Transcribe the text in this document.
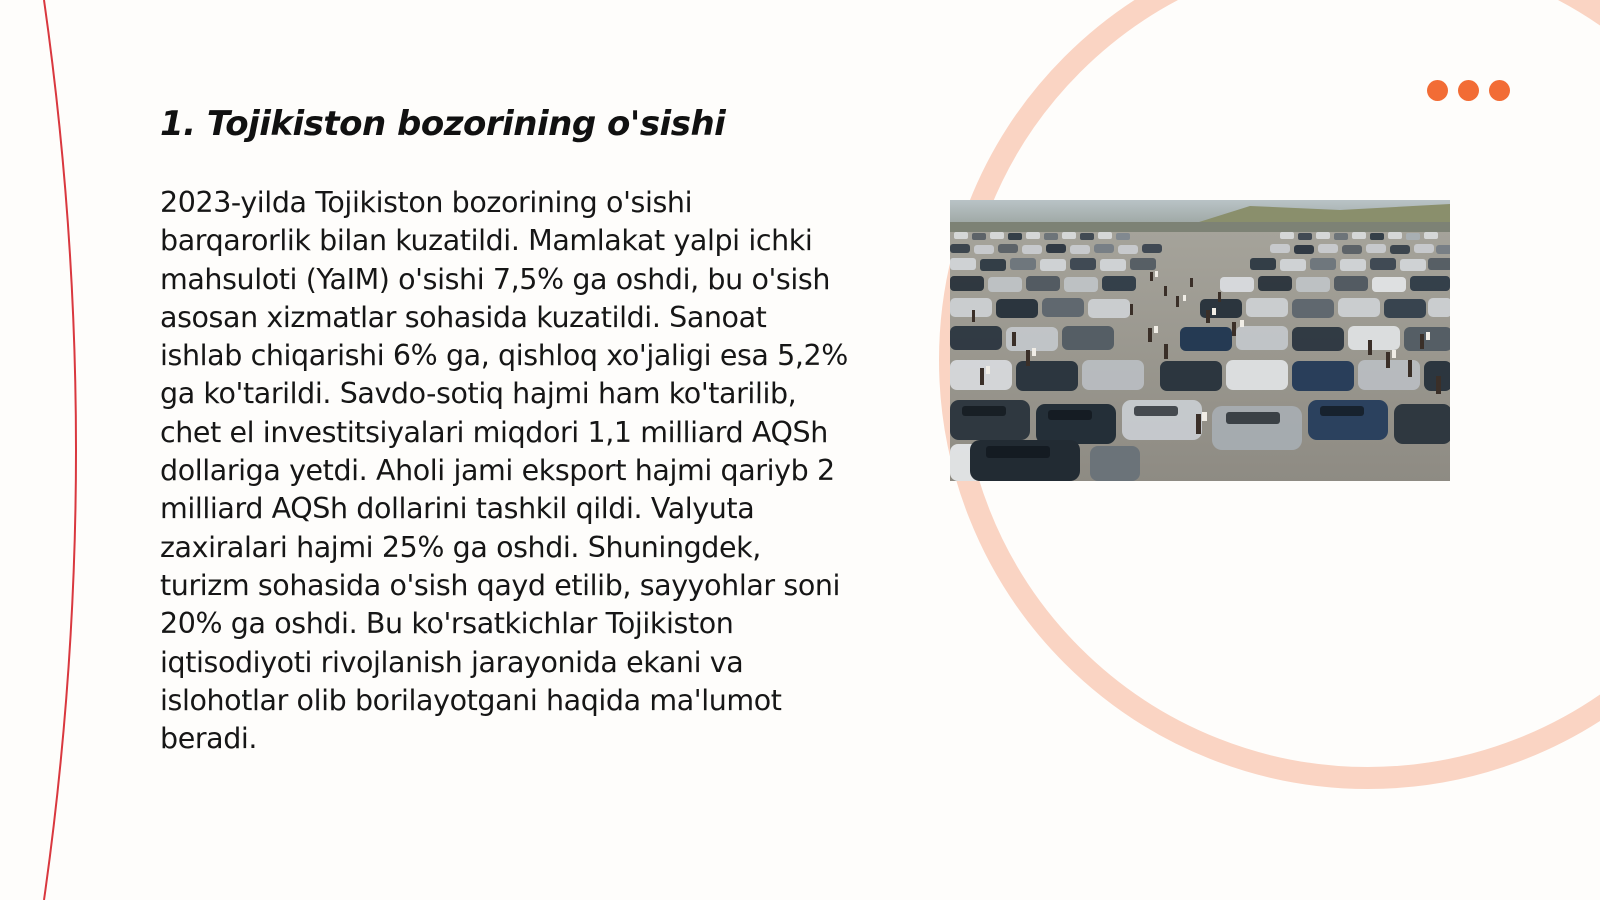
1. Tojikiston bozorining o'sishi

2023-yilda Tojikiston bozorining o'sishi barqarorlik bilan kuzatildi. Mamlakat yalpi ichki mahsuloti (YaIM) o'sishi 7,5% ga oshdi, bu o'sish asosan xizmatlar sohasida kuzatildi. Sanoat ishlab chiqarishi 6% ga, qishloq xo'jaligi esa 5,2% ga ko'tarildi. Savdo-sotiq hajmi ham ko'tarilib, chet el investitsiyalari miqdori 1,1 milliard AQSh dollariga yetdi. Aholi jami eksport hajmi qariyb 2 milliard AQSh dollarini tashkil qildi. Valyuta zaxiralari hajmi 25% ga oshdi. Shuningdek, turizm sohasida o'sish qayd etilib, sayyohlar soni 20% ga oshdi. Bu ko'rsatkichlar Tojikiston iqtisodiyoti rivojlanish jarayonida ekani va islohotlar olib borilayotgani haqida ma'lumot beradi.
